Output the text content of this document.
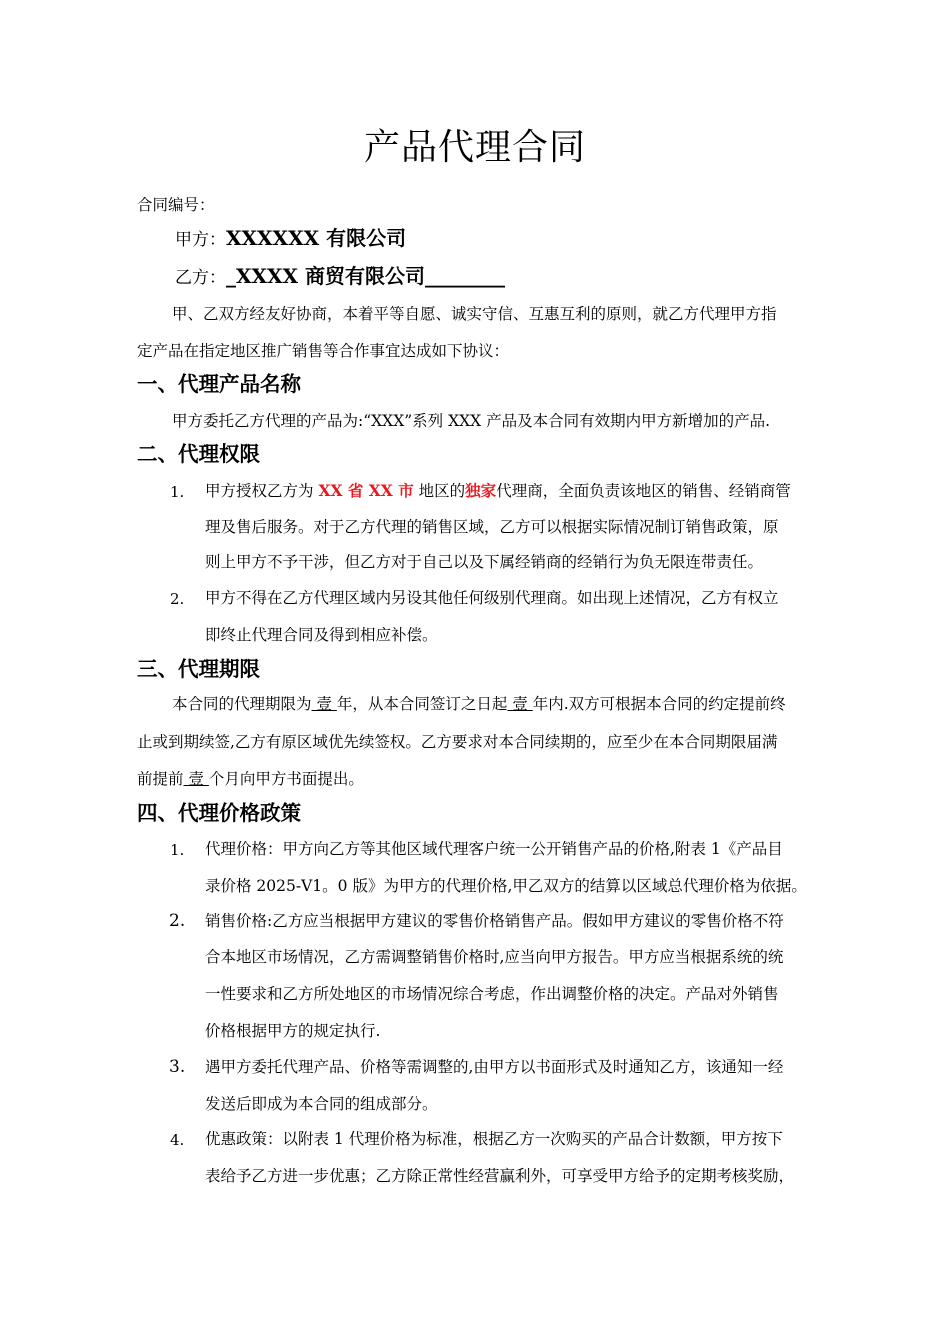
产品代理合同
合同编号：
甲方：XXXXXX 有限公司
乙方：_XXXX 商贸有限公司________
甲、乙双方经友好协商，本着平等自愿、诚实守信、互惠互利的原则，就乙方代理甲方指
定产品在指定地区推广销售等合作事宜达成如下协议：
一、代理产品名称
甲方委托乙方代理的产品为:“XXX”系列 XXX 产品及本合同有效期内甲方新增加的产品.
二、代理权限
1. 甲方授权乙方为 XX 省 XX 市 地区的独家代理商，全面负责该地区的销售、经销商管
理及售后服务。对于乙方代理的销售区域，乙方可以根据实际情况制订销售政策，原
则上甲方不予干涉，但乙方对于自己以及下属经销商的经销行为负无限连带责任。
2. 甲方不得在乙方代理区域内另设其他任何级别代理商。如出现上述情况，乙方有权立
即终止代理合同及得到相应补偿。
三、代理期限
本合同的代理期限为 壹 年，从本合同签订之日起 壹 年内.双方可根据本合同的约定提前终
止或到期续签,乙方有原区域优先续签权。乙方要求对本合同续期的，应至少在本合同期限届满
前提前 壹 个月向甲方书面提出。
四、代理价格政策
1. 代理价格：甲方向乙方等其他区域代理客户统一公开销售产品的价格,附表 1《产品目
录价格 2025-V1。0 版》为甲方的代理价格,甲乙双方的结算以区域总代理价格为依据。
2. 销售价格:乙方应当根据甲方建议的零售价格销售产品。假如甲方建议的零售价格不符
合本地区市场情况，乙方需调整销售价格时,应当向甲方报告。甲方应当根据系统的统
一性要求和乙方所处地区的市场情况综合考虑，作出调整价格的决定。产品对外销售
价格根据甲方的规定执行.
3. 遇甲方委托代理产品、价格等需调整的,由甲方以书面形式及时通知乙方，该通知一经
发送后即成为本合同的组成部分。
4. 优惠政策：以附表 1 代理价格为标准，根据乙方一次购买的产品合计数额，甲方按下
表给予乙方进一步优惠；乙方除正常性经营赢利外，可享受甲方给予的定期考核奖励，
